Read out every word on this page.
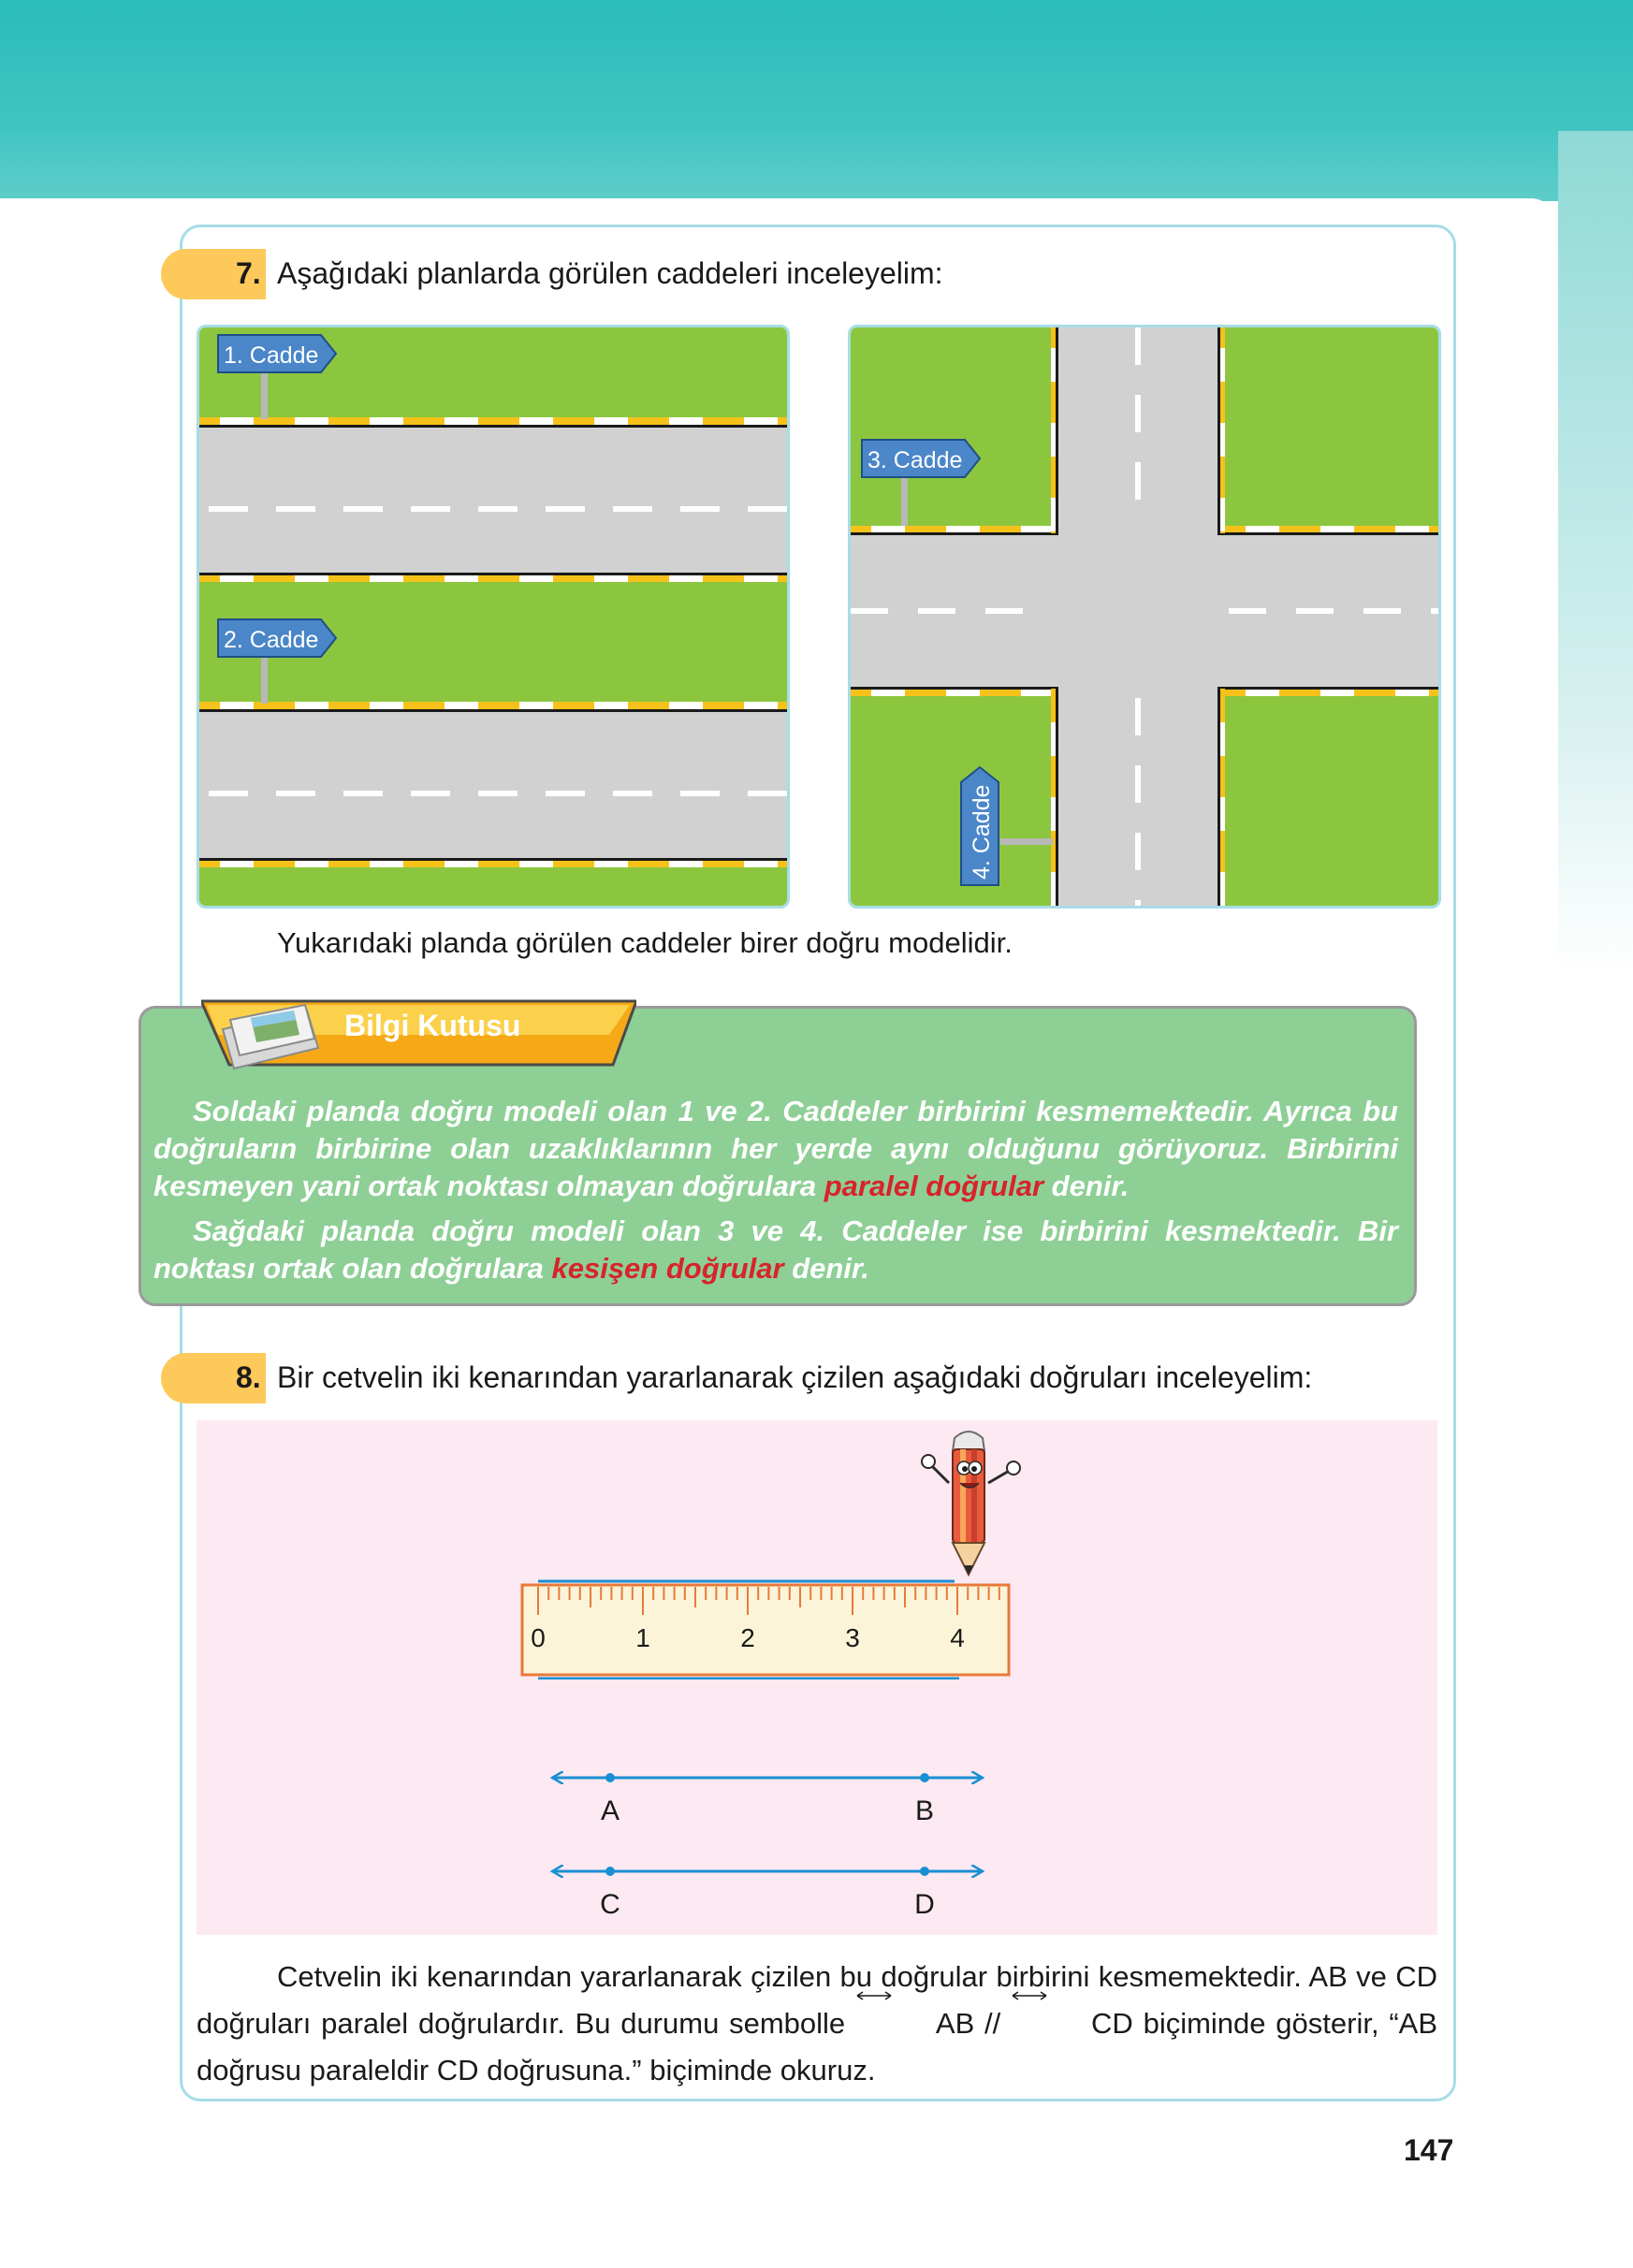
7. Aşağıdaki planlarda görülen caddeleri inceleyelim:
1. Cadde
2. Cadde
3. Cadde
4. Cadde

Yukarıdaki planda görülen caddeler birer doğru modelidir.

Bilgi Kutusu

Soldaki planda doğru modeli olan 1 ve 2. Caddeler birbirini kesmemektedir. Ayrıca bu doğruların birbirine olan uzaklıklarının her yerde aynı olduğunu görüyoruz. Birbirini kesmeyen yani ortak noktası olmayan doğrulara paralel doğrular denir.

Sağdaki planda doğru modeli olan 3 ve 4. Caddeler ise birbirini kesmektedir. Bir noktası ortak olan doğrulara kesişen doğrular denir.

8. Bir cetvelin iki kenarından yararlanarak çizilen aşağıdaki doğruları inceleyelim:
0	1	2	3	4
A	B
C	D

Cetvelin iki kenarından yararlanarak çizilen bu doğrular birbirini kesmemektedir. AB ve CD doğruları paralel doğrulardır. Bu durumu sembolle	AB //	CD biçiminde gösterir, “AB doğrusu paraleldir CD doğrusuna.” biçiminde okuruz.

147
